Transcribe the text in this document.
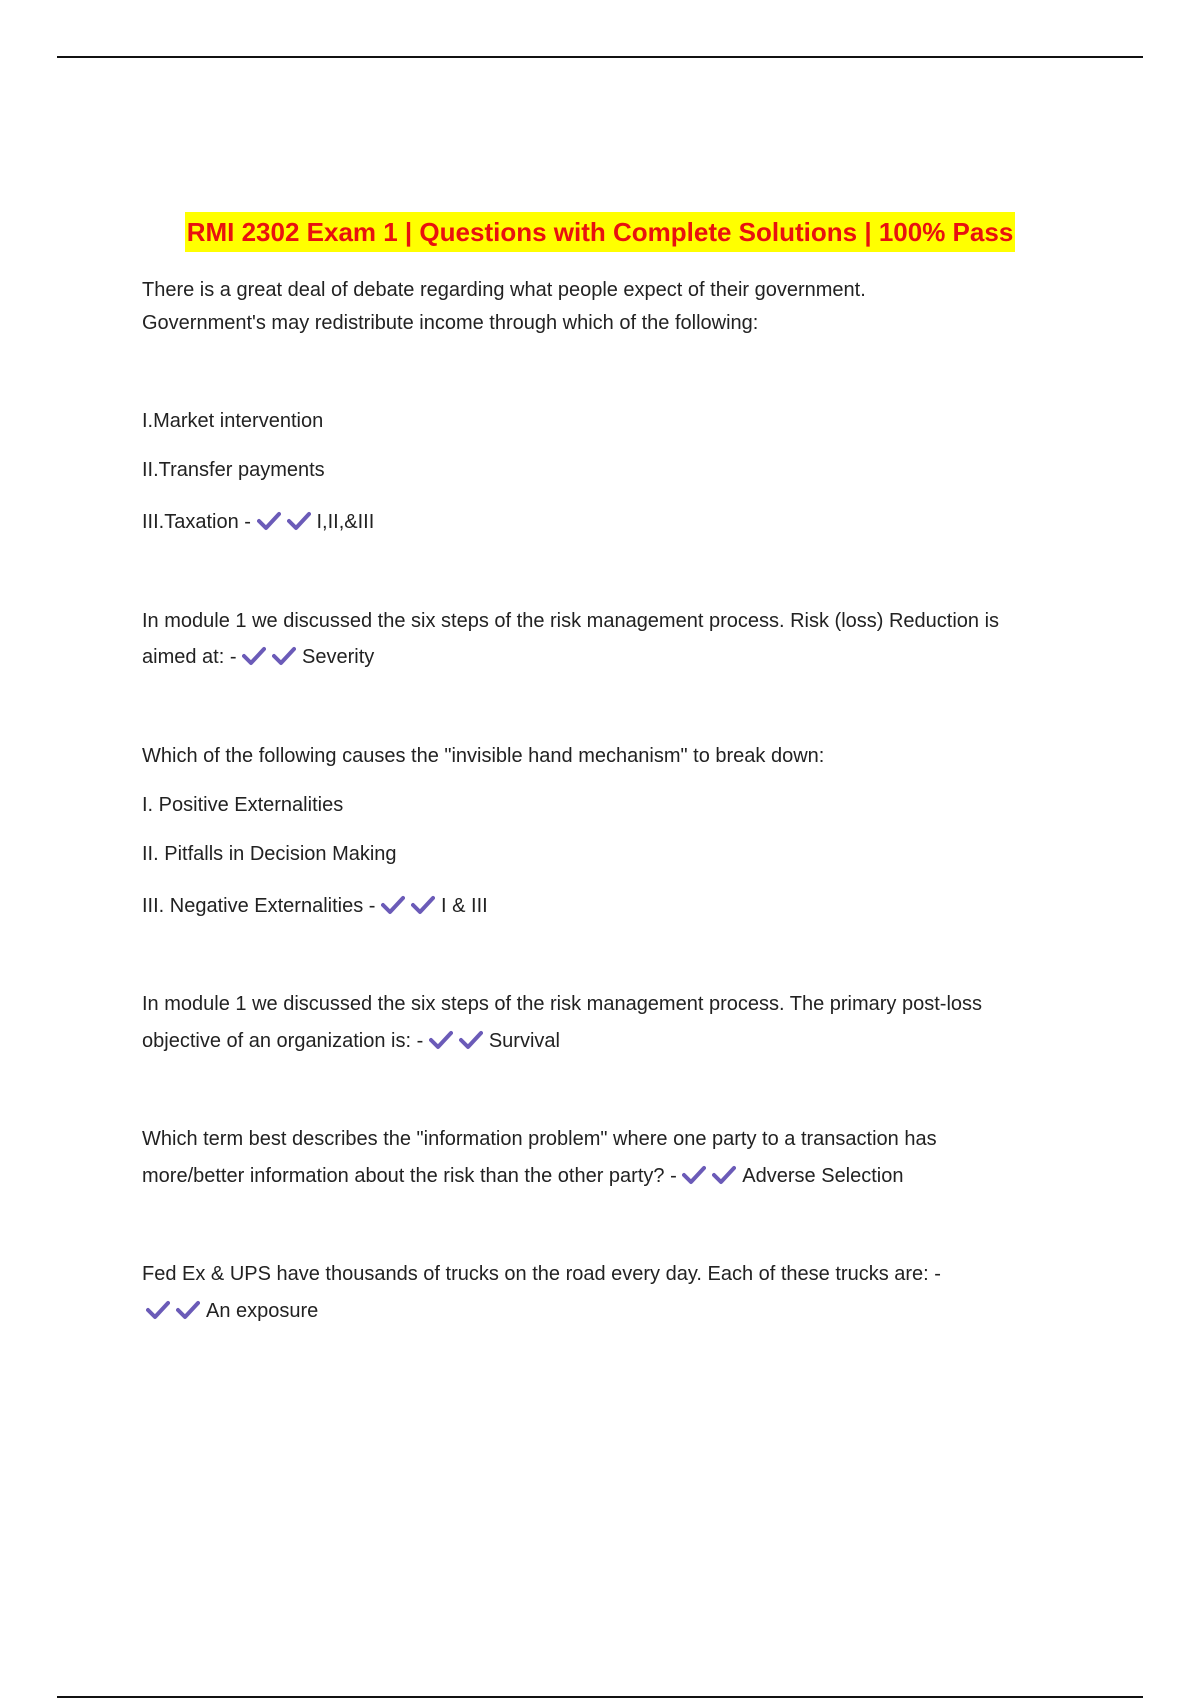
RMI 2302 Exam 1 | Questions with Complete Solutions | 100% Pass
There is a great deal of debate regarding what people expect of their government.
Government's may redistribute income through which of the following:
I.Market intervention
II.Transfer payments
III.Taxation -	I,II,&III
In module 1 we discussed the six steps of the risk management process. Risk (loss) Reduction is
aimed at: -	Severity
Which of the following causes the "invisible hand mechanism" to break down:
I. Positive Externalities
II. Pitfalls in Decision Making
III. Negative Externalities -	I & III
In module 1 we discussed the six steps of the risk management process. The primary post-loss
objective of an organization is: -	Survival
Which term best describes the "information problem" where one party to a transaction has
more/better information about the risk than the other party? -	Adverse Selection
Fed Ex & UPS have thousands of trucks on the road every day. Each of these trucks are: -
An exposure
